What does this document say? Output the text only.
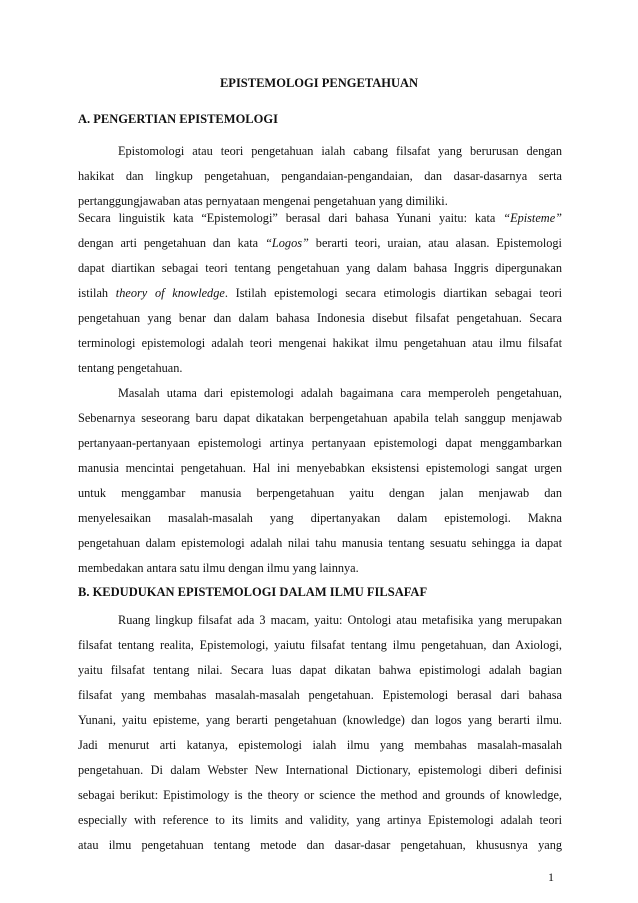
EPISTEMOLOGI PENGETAHUAN
A. PENGERTIAN EPISTEMOLOGI
Epistomologi atau teori pengetahuan ialah cabang filsafat yang berurusan dengan
hakikat dan lingkup pengetahuan, pengandaian-pengandaian, dan dasar-dasarnya serta
pertanggungjawaban atas pernyataan mengenai pengetahuan yang dimiliki.
Secara linguistik kata “Epistemologi” berasal dari bahasa Yunani yaitu: kata “Episteme”
dengan arti pengetahuan dan kata “Logos” berarti teori, uraian, atau alasan. Epistemologi
dapat diartikan sebagai teori tentang pengetahuan yang dalam bahasa Inggris dipergunakan
istilah theory of knowledge. Istilah epistemologi secara etimologis diartikan sebagai teori
pengetahuan yang benar dan dalam bahasa Indonesia disebut filsafat pengetahuan. Secara
terminologi epistemologi adalah teori mengenai hakikat ilmu pengetahuan atau ilmu filsafat
tentang pengetahuan.
Masalah utama dari epistemologi adalah bagaimana cara memperoleh pengetahuan,
Sebenarnya seseorang baru dapat dikatakan berpengetahuan apabila telah sanggup menjawab
pertanyaan-pertanyaan epistemologi artinya pertanyaan epistemologi dapat menggambarkan
manusia mencintai pengetahuan. Hal ini menyebabkan eksistensi epistemologi sangat urgen
untuk menggambar manusia berpengetahuan yaitu dengan jalan menjawab dan
menyelesaikan masalah-masalah yang dipertanyakan dalam epistemologi. Makna
pengetahuan dalam epistemologi adalah nilai tahu manusia tentang sesuatu sehingga ia dapat
membedakan antara satu ilmu dengan ilmu yang lainnya.
B. KEDUDUKAN EPISTEMOLOGI DALAM ILMU FILSAFAF
Ruang lingkup filsafat ada 3 macam, yaitu: Ontologi atau metafisika yang merupakan
filsafat tentang realita, Epistemologi, yaiutu filsafat tentang ilmu pengetahuan, dan Axiologi,
yaitu filsafat tentang nilai. Secara luas dapat dikatan bahwa epistimologi adalah bagian
filsafat yang membahas masalah-masalah pengetahuan. Epistemologi berasal dari bahasa
Yunani, yaitu episteme, yang berarti pengetahuan (knowledge) dan logos yang berarti ilmu.
Jadi menurut arti katanya, epistemologi ialah ilmu yang membahas masalah-masalah
pengetahuan. Di dalam Webster New International Dictionary, epistemologi diberi definisi
sebagai berikut: Epistimology is the theory or science the method and grounds of knowledge,
especially with reference to its limits and validity, yang artinya Epistemologi adalah teori
atau ilmu pengetahuan tentang metode dan dasar-dasar pengetahuan, khususnya yang
1
